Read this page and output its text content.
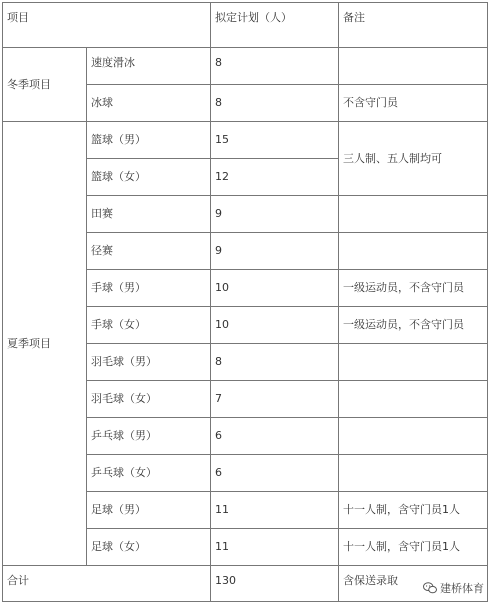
项目		拟定计划（人）	备注
冬季项目	速度滑冰	8	
	冰球	8	不含守门员
夏季项目	篮球（男）	15	三人制、五人制均可
	篮球（女）	12	
	田赛	9	
	径赛	9	
	手球（男）	10	一级运动员，不含守门员
	手球（女）	10	一级运动员，不含守门员
	羽毛球（男）	8	
	羽毛球（女）	7	
	乒乓球（男）	6	
	乒乓球（女）	6	
	足球（男）	11	十一人制，含守门员1人
	足球（女）	11	十一人制，含守门员1人
合计		130	含保送录取
建桥体育
